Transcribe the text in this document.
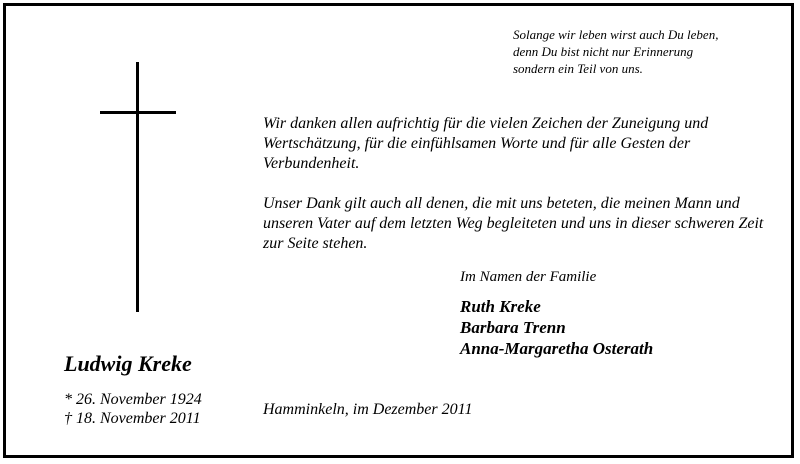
Solange wir leben wirst auch Du leben,
denn Du bist nicht nur Erinnerung
sondern ein Teil von uns.

Wir danken allen aufrichtig für die vielen Zeichen der Zuneigung und Wertschätzung, für die einfühlsamen Worte und für alle Gesten der Verbundenheit.

Unser Dank gilt auch all denen, die mit uns beteten, die meinen Mann und unseren Vater auf dem letzten Weg begleiteten und uns in dieser schweren Zeit zur Seite stehen.

Im Namen der Familie
Ruth Kreke
Barbara Trenn
Anna-Margaretha Osterath
Ludwig Kreke
* 26. November 1924
† 18. November 2011
Hamminkeln, im Dezember 2011
